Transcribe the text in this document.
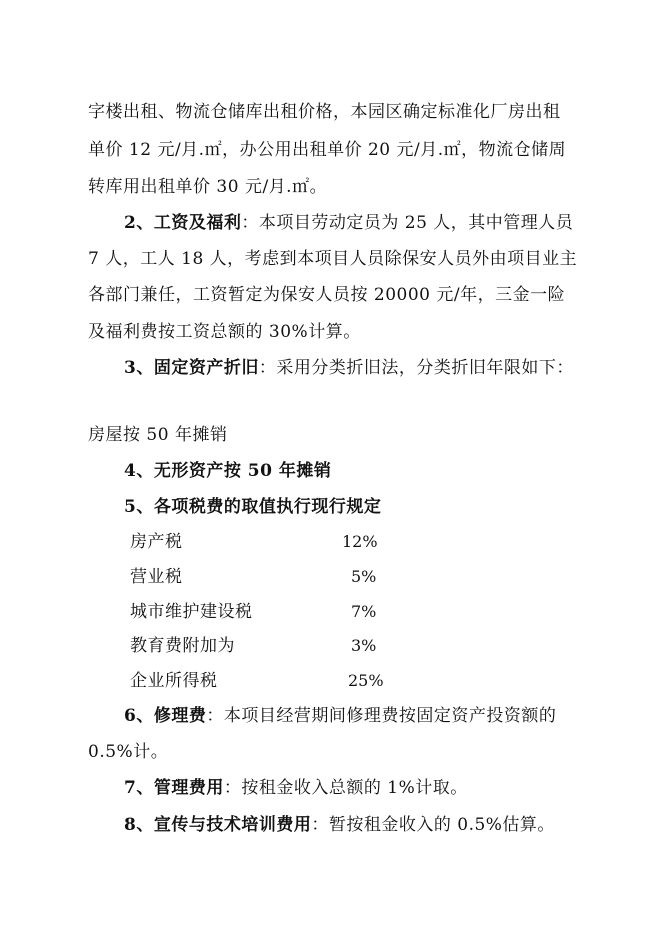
字楼出租、物流仓储库出租价格，本园区确定标准化厂房出租
单价 12 元/月.㎡，办公用出租单价 20 元/月.㎡，物流仓储周
转库用出租单价 30 元/月.㎡。
2、工资及福利：本项目劳动定员为 25 人，其中管理人员
7 人，工人 18 人，考虑到本项目人员除保安人员外由项目业主
各部门兼任，工资暂定为保安人员按 20000 元/年，三金一险
及福利费按工资总额的 30%计算。
3、固定资产折旧：采用分类折旧法，分类折旧年限如下：
房屋按 50 年摊销
4、无形资产按 50 年摊销
5、各项税费的取值执行现行规定
房产税	12%
营业税	5%
城市维护建设税	7%
教育费附加为	3%
企业所得税	25%
6、修理费：本项目经营期间修理费按固定资产投资额的
0.5%计。
7、管理费用：按租金收入总额的 1%计取。
8、宣传与技术培训费用：暂按租金收入的 0.5%估算。
